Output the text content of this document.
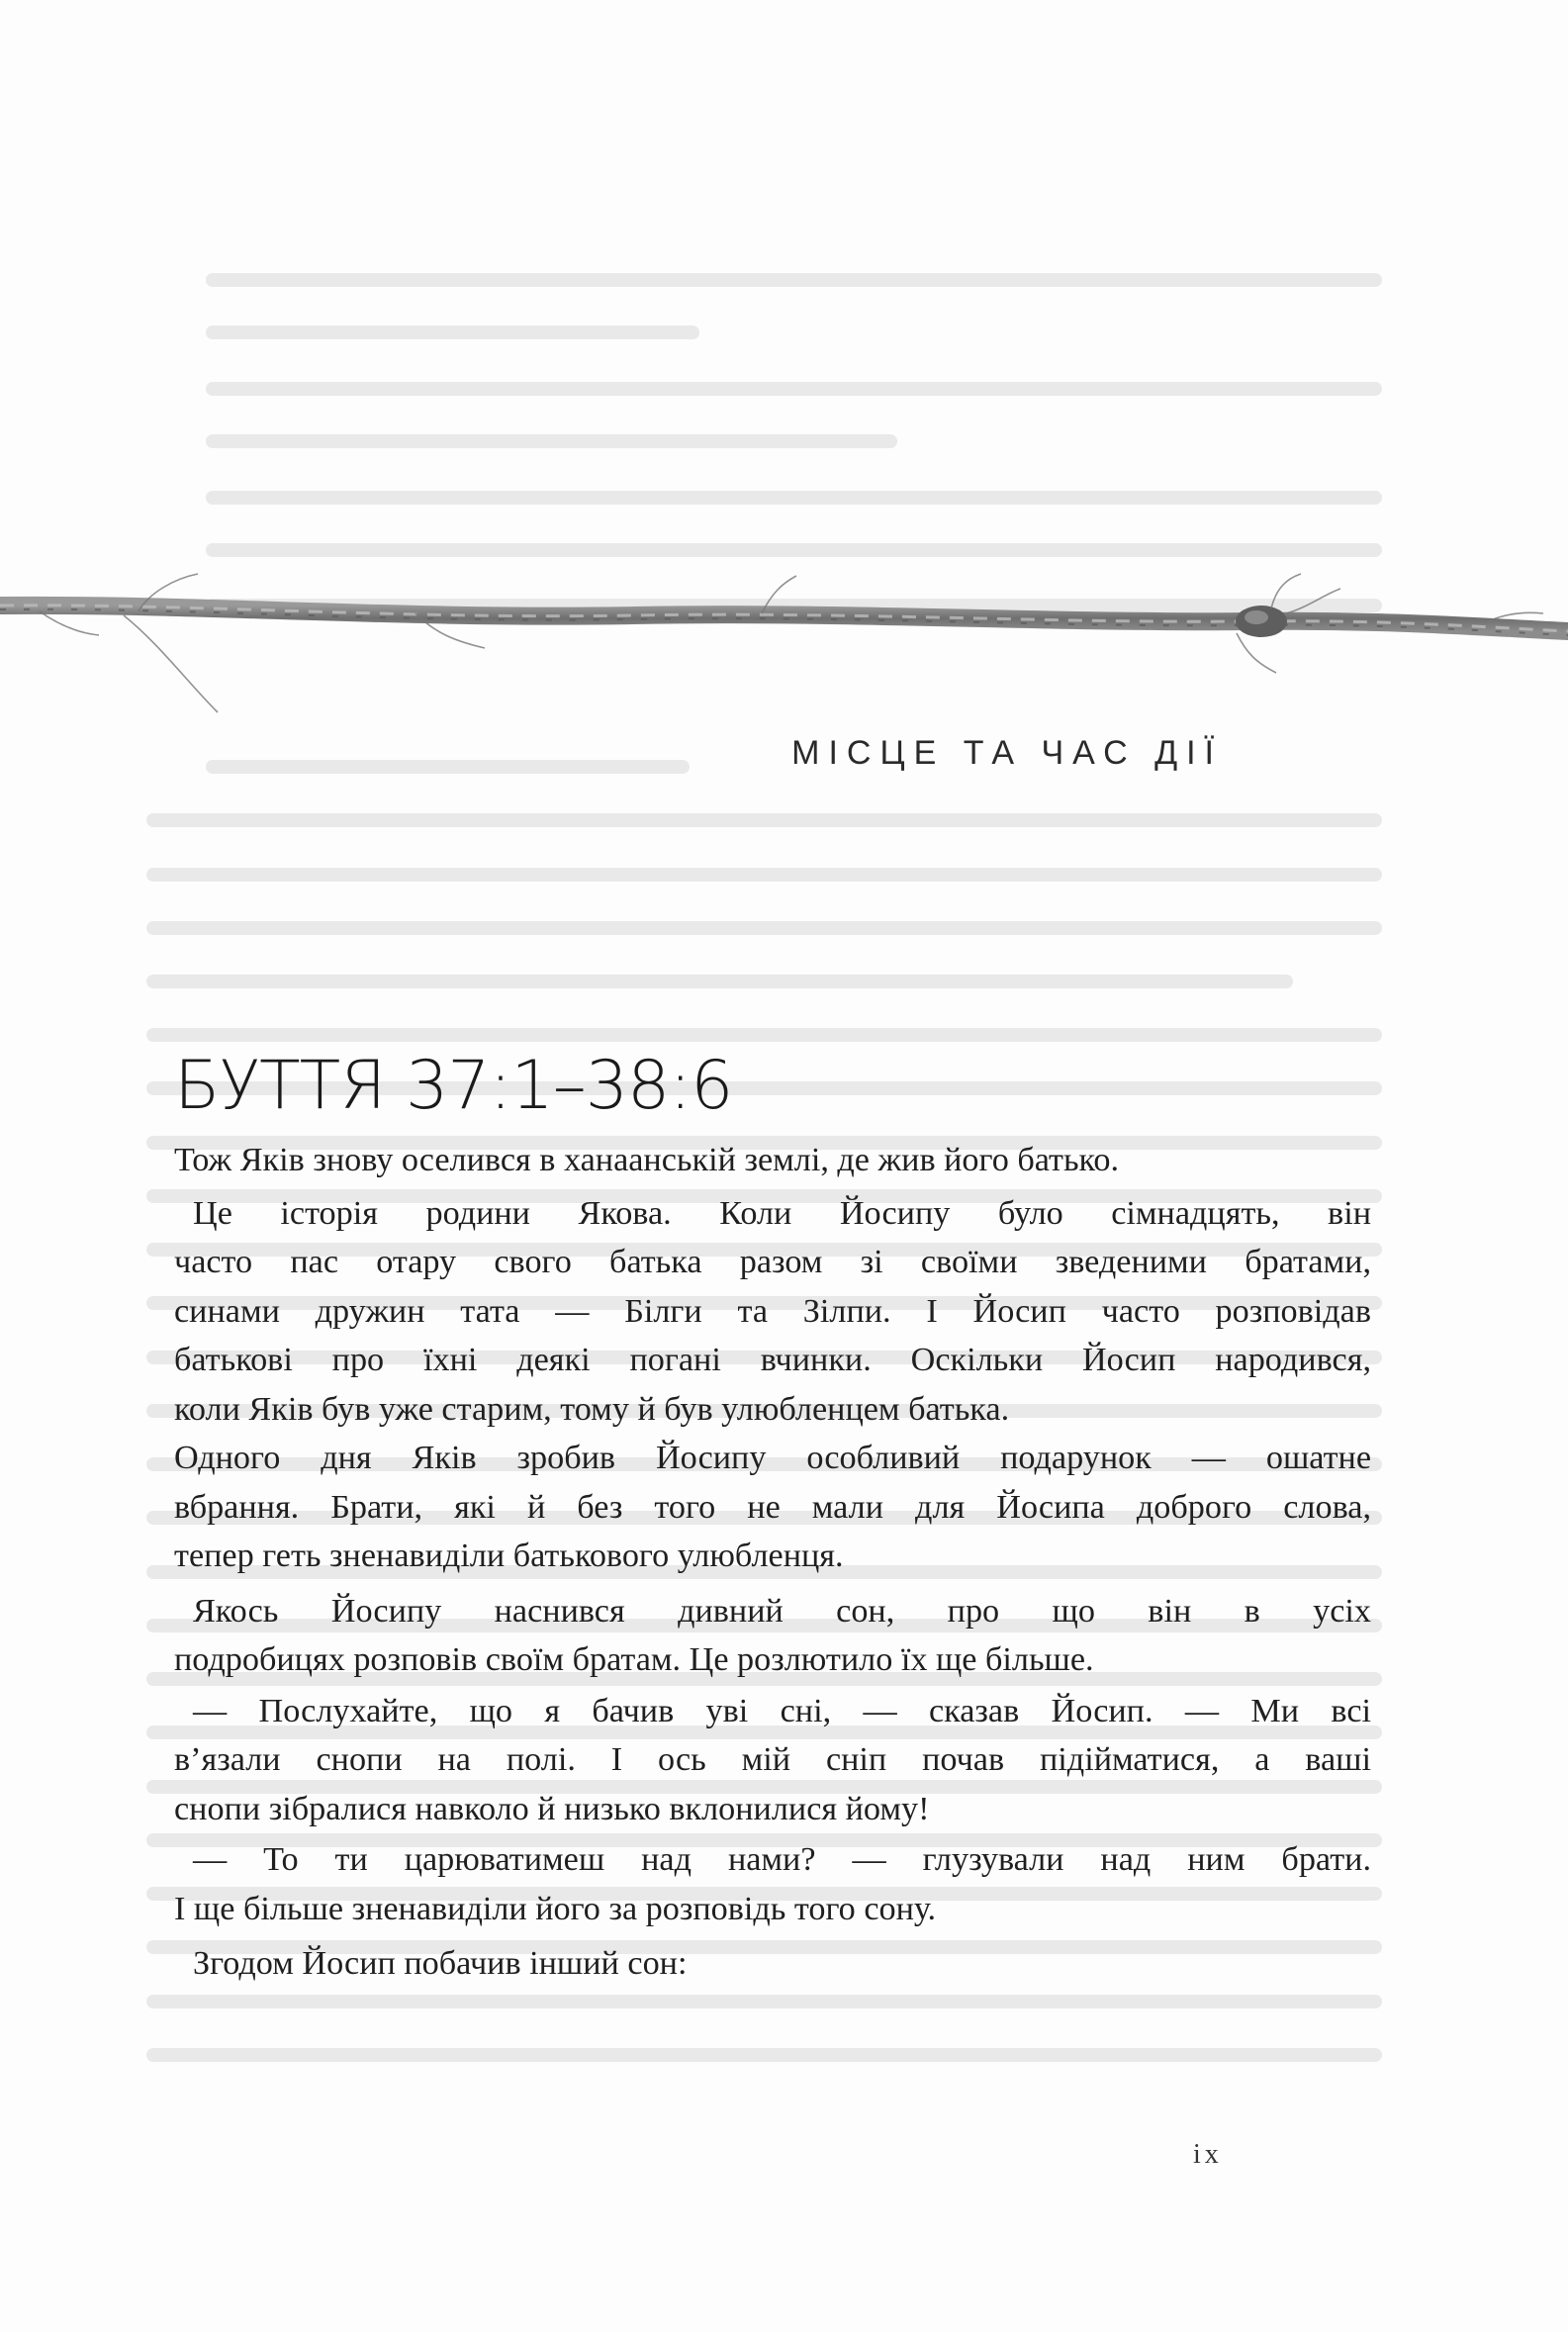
МІСЦЕ ТА ЧАС ДІЇ
БУТТЯ 37:1–38:6

Тож Яків знову оселився в ханаанській землі, де жив його батько.

Це історія родини Якова. Коли Йосипу було сімнадцять, він
часто пас отару свого батька разом зі своїми зведеними братами,
синами дружин тата — Білги та Зілпи. І Йосип часто розповідав
батькові про їхні деякі погані вчинки. Оскільки Йосип народився,
коли Яків був уже старим, тому й був улюбленцем батька.
Одного дня Яків зробив Йосипу особливий подарунок — ошатне
вбрання. Брати, які й без того не мали для Йосипа доброго слова,
тепер геть зненавиділи батькового улюбленця.

Якось Йосипу наснився дивний сон, про що він в усіх
подробицях розповів своїм братам. Це розлютило їх ще більше.

— Послухайте, що я бачив уві сні, — сказав Йосип. — Ми всі
в’язали снопи на полі. І ось мій сніп почав підійматися, а ваші
снопи зібралися навколо й низько вклонилися йому!

— То ти царюватимеш над нами? — глузували над ним брати.
І ще більше зненавиділи його за розповідь того сону.

Згодом Йосип побачив інший сон:

ix
